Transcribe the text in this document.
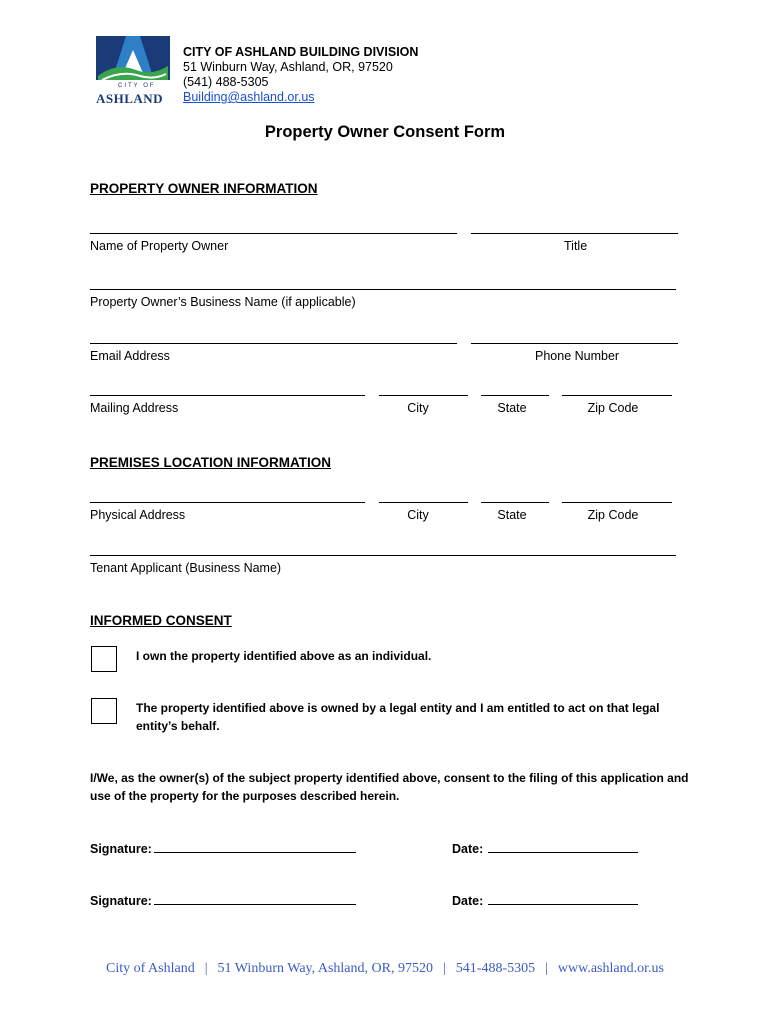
CITY OF
ASHLAND
CITY OF ASHLAND BUILDING DIVISION
51 Winburn Way, Ashland, OR, 97520
(541) 488-5305
Building@ashland.or.us
Property Owner Consent Form
PROPERTY OWNER INFORMATION
Name of Property Owner	Title
Property Owner’s Business Name (if applicable)
Email Address	Phone Number
Mailing Address	City	State	Zip Code
PREMISES LOCATION INFORMATION
Physical Address	City	State	Zip Code
Tenant Applicant (Business Name)
INFORMED CONSENT
I own the property identified above as an individual.
The property identified above is owned by a legal entity and I am entitled to act on that legal entity’s behalf.
I/We, as the owner(s) of the subject property identified above, consent to the filing of this application and use of the property for the purposes described herein.
Signature:	Date:
Signature:	Date:
City of Ashland | 51 Winburn Way, Ashland, OR, 97520 | 541-488-5305 | www.ashland.or.us
